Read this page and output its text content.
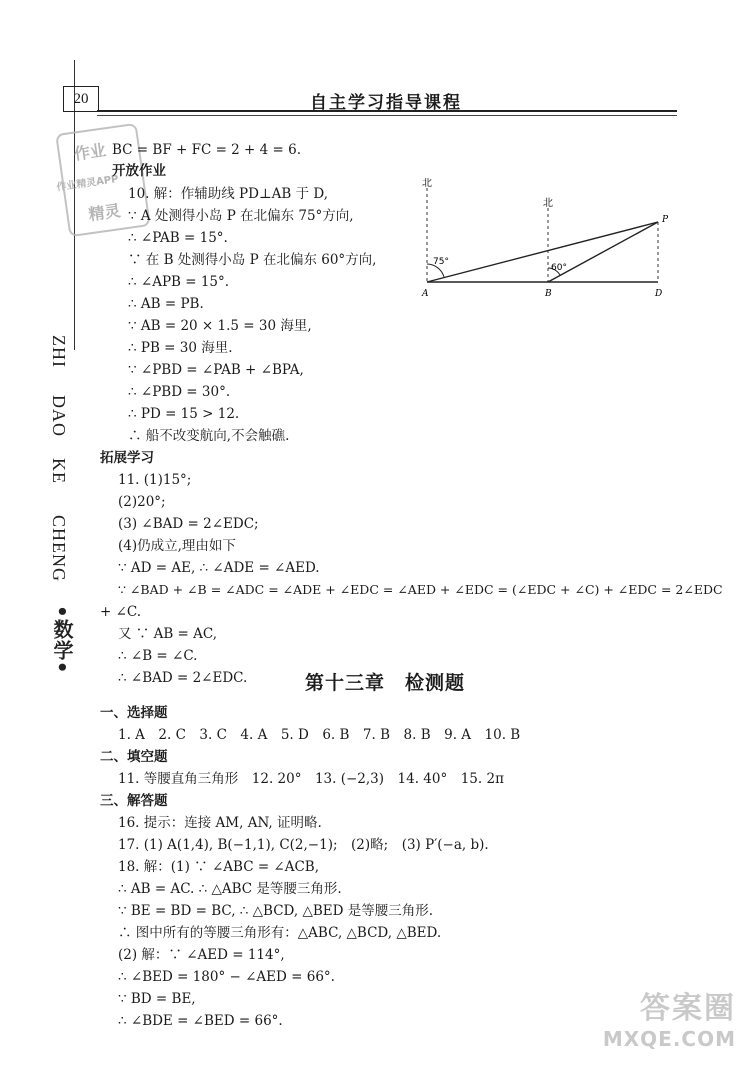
20	自主学习指导课程
作业
作业精灵APP
精灵
ZHI
DAO
KE
CHENG
•数学•
BC = BF + FC = 2 + 4 = 6.
开放作业
10. 解：作辅助线 PD⊥AB 于 D,
∵ A 处测得小岛 P 在北偏东 75°方向,
∴ ∠PAB = 15°.
∵ 在 B 处测得小岛 P 在北偏东 60°方向,
∴ ∠APB = 15°.
∴ AB = PB.
∵ AB = 20 × 1.5 = 30 海里,
∴ PB = 30 海里.
∵ ∠PBD = ∠PAB + ∠BPA,
∴ ∠PBD = 30°.
∴ PD = 15 > 12.
∴ 船不改变航向,不会触礁.
拓展学习
11. (1)15°;
(2)20°;
(3) ∠BAD = 2∠EDC;
(4)仍成立,理由如下
∵ AD = AE, ∴ ∠ADE = ∠AED.
∵ ∠BAD + ∠B = ∠ADC = ∠ADE + ∠EDC = ∠AED + ∠EDC = (∠EDC + ∠C) + ∠EDC = 2∠EDC
+ ∠C.
又 ∵ AB = AC,
∴ ∠B = ∠C.
∴ ∠BAD = 2∠EDC.	第十三章　检测题
一、选择题
1. A　2. C　3. C　4. A　5. D　6. B　7. B　8. B　9. A　10. B
二、填空题
11. 等腰直角三角形　12. 20°　13. (−2,3)　14. 40°　15. 2π
三、解答题
16. 提示：连接 AM, AN, 证明略.
17. (1) A(1,4), B(−1,1), C(2,−1);　(2)略;　(3) P′(−a, b).
18. 解：(1) ∵ ∠ABC = ∠ACB,
∴ AB = AC. ∴ △ABC 是等腰三角形.
∵ BE = BD = BC, ∴ △BCD, △BED 是等腰三角形.
∴ 图中所有的等腰三角形有：△ABC, △BCD, △BED.
(2) 解：∵ ∠AED = 114°,
∴ ∠BED = 180° − ∠AED = 66°.
∵ BD = BE,
∴ ∠BDE = ∠BED = 66°.
北
北
75°
60°
A	B	D
P
答案圈
MXQE.COM
